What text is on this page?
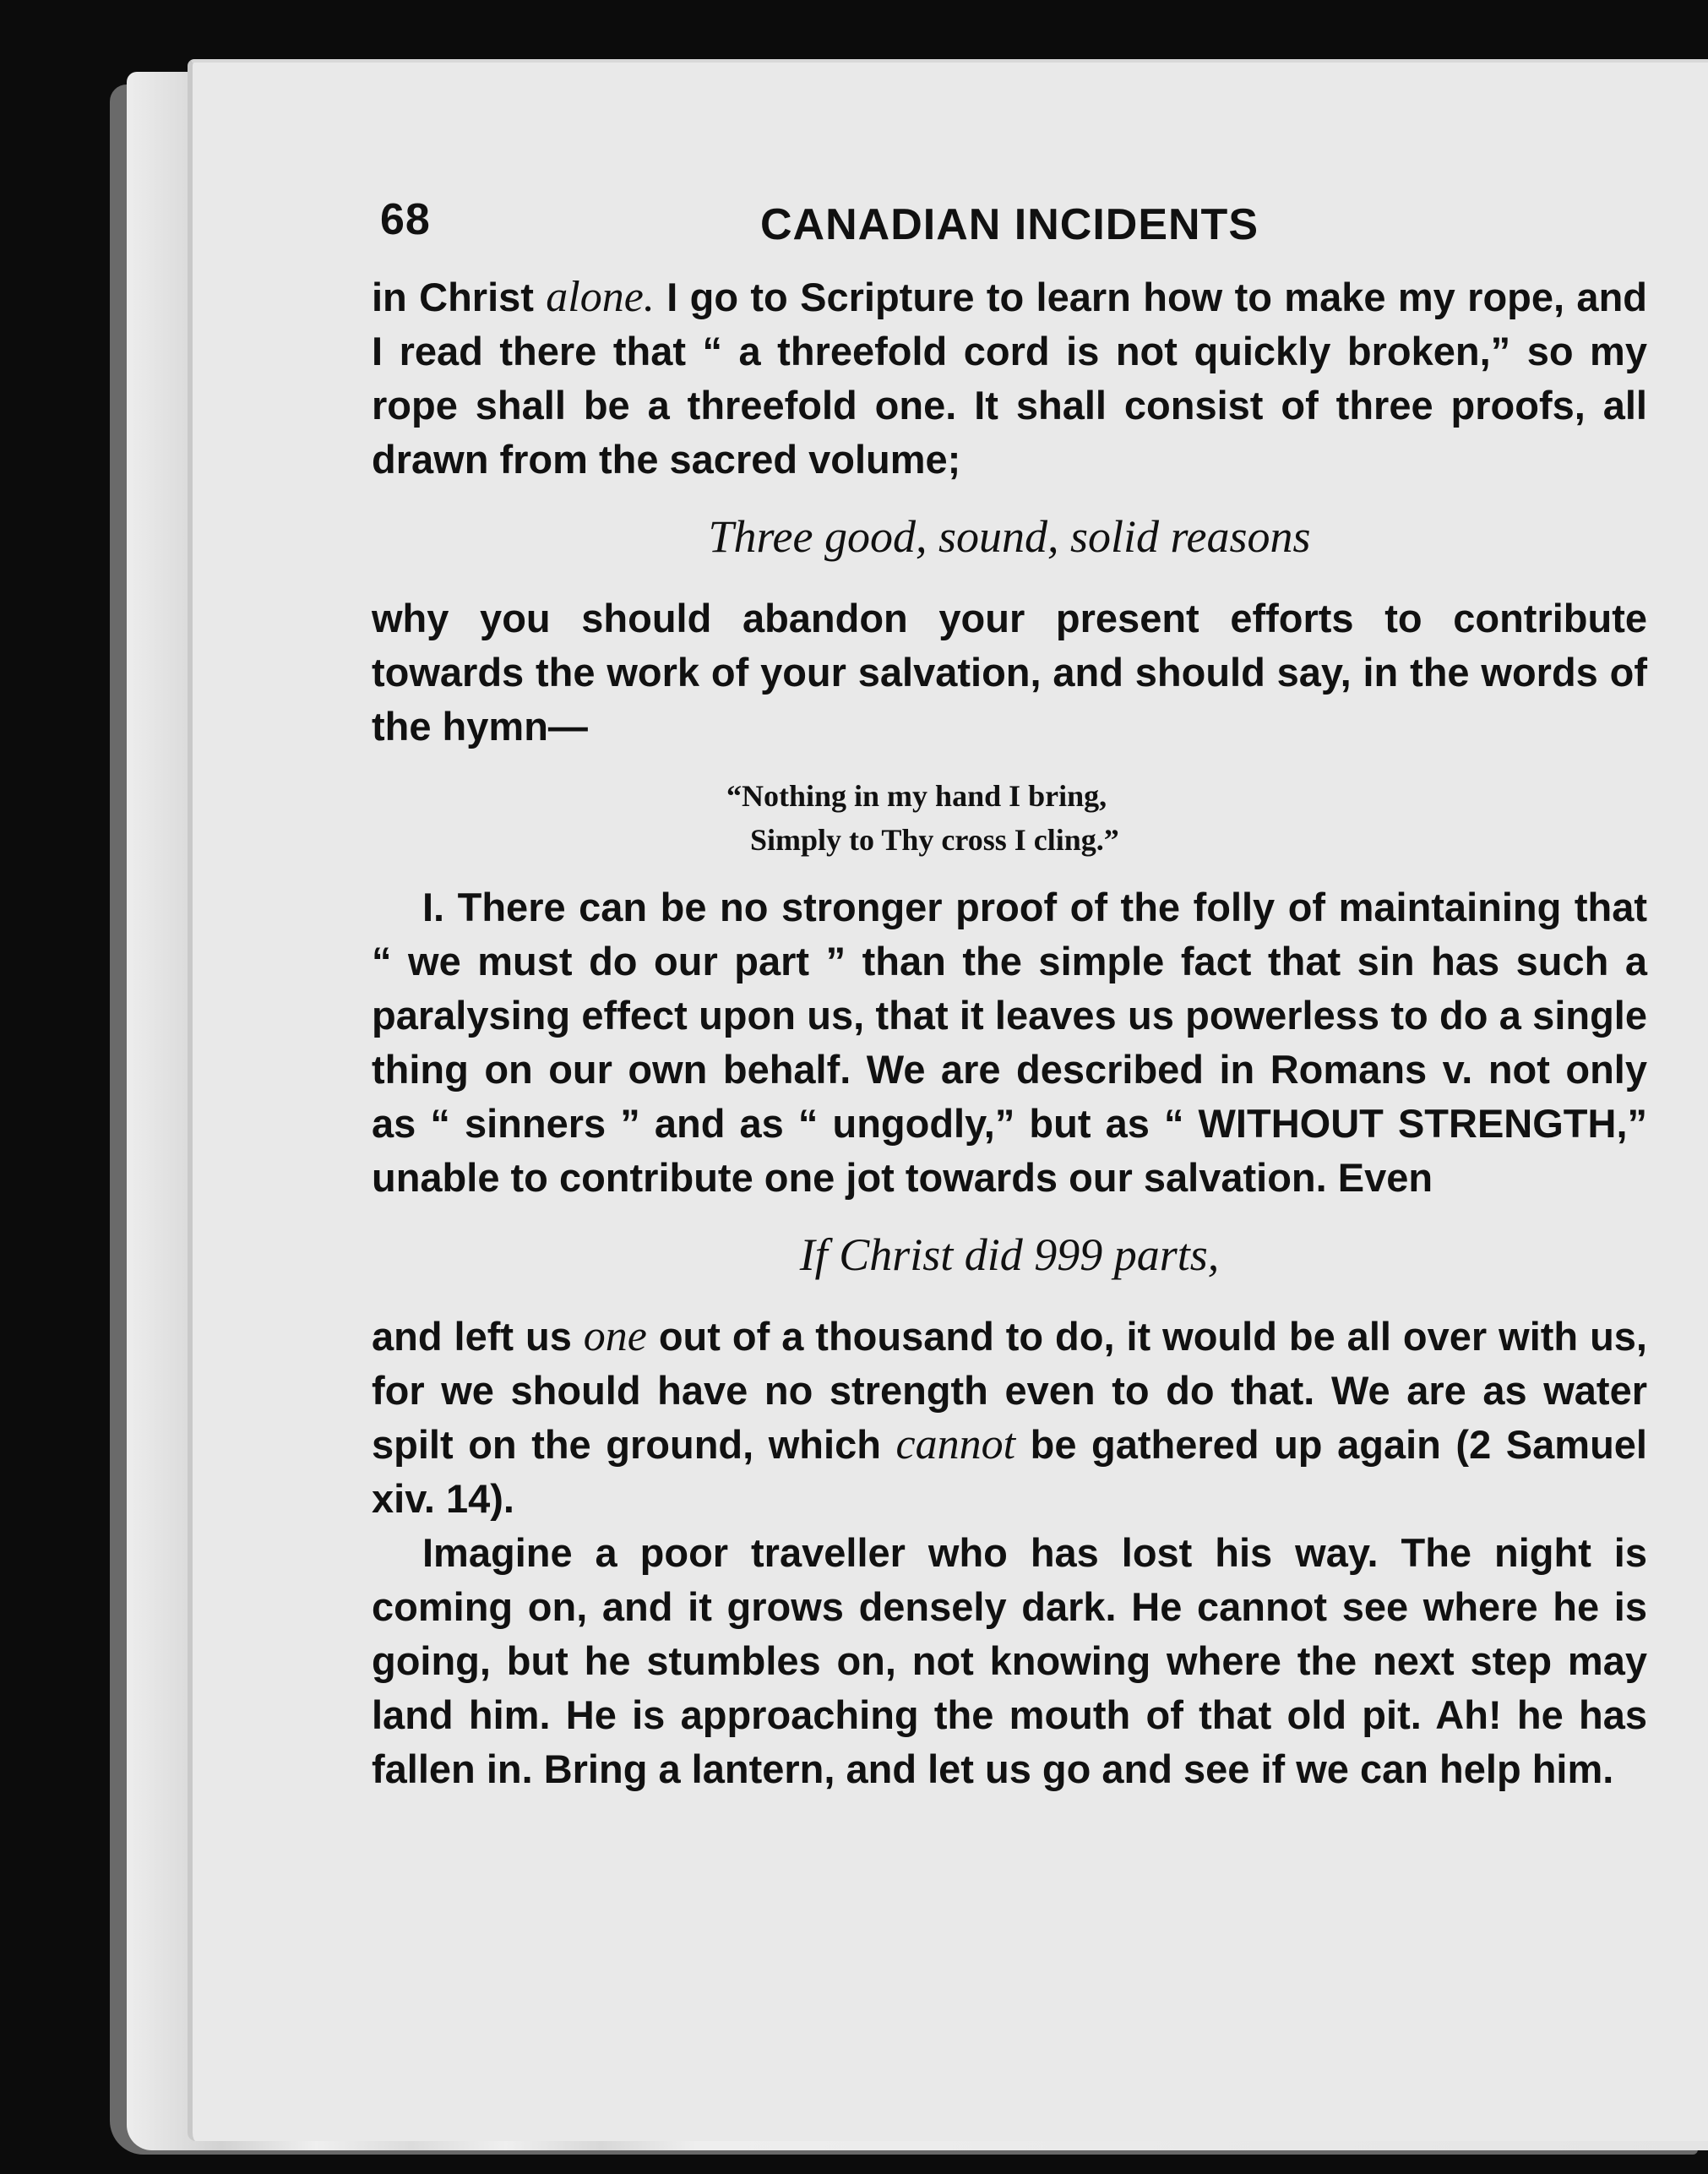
68	CANADIAN INCIDENTS

in Christ alone. I go to Scripture to learn how to make my rope, and I read there that “ a threefold cord is not quickly broken,” so my rope shall be a threefold one. It shall consist of three proofs, all drawn from the sacred volume;

Three good, sound, solid reasons

why you should abandon your present efforts to contribute towards the work of your salvation, and should say, in the words of the hymn—

“Nothing in my hand I bring,
Simply to Thy cross I cling.”

I. There can be no stronger proof of the folly of maintaining that “ we must do our part ” than the simple fact that sin has such a paralysing effect upon us, that it leaves us powerless to do a single thing on our own behalf. We are described in Romans v. not only as “ sinners ” and as “ ungodly,” but as “ WITHOUT STRENGTH,” unable to contribute one jot towards our salvation. Even

If Christ did 999 parts,

and left us one out of a thousand to do, it would be all over with us, for we should have no strength even to do that. We are as water spilt on the ground, which cannot be gathered up again (2 Samuel xiv. 14).

Imagine a poor traveller who has lost his way. The night is coming on, and it grows densely dark. He cannot see where he is going, but he stumbles on, not knowing where the next step may land him. He is approaching the mouth of that old pit. Ah! he has fallen in. Bring a lantern, and let us go and see if we can help him.
